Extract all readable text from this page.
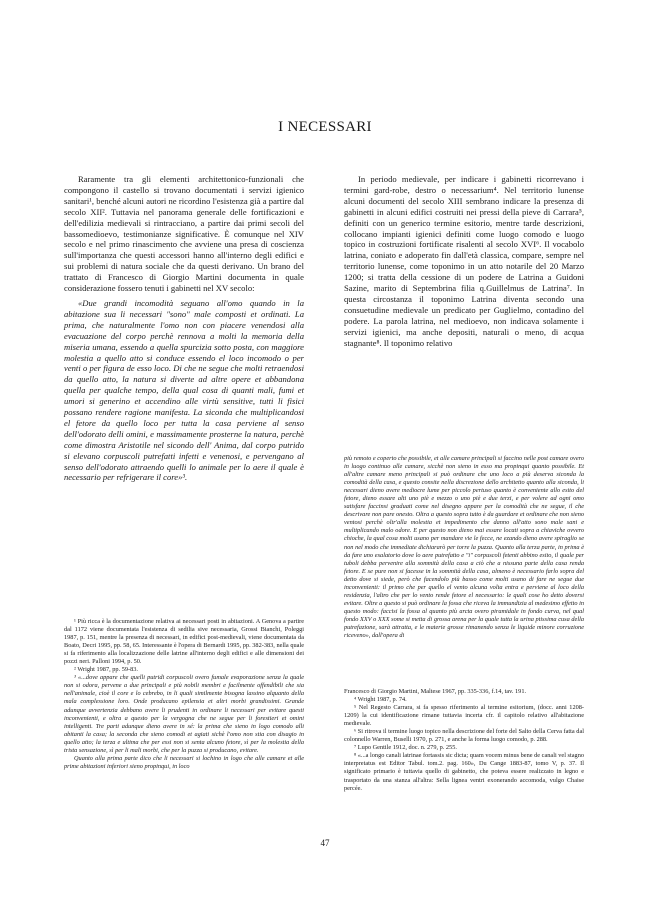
I NECESSARI

Raramente tra gli elementi architettonico-funzionali che compongono il castello si trovano documentati i servizi igienico sanitari¹, benché alcuni autori ne ricordino l'esistenza già a partire dal secolo XII². Tuttavia nel panorama generale delle fortificazioni e dell'edilizia medievali si rintracciano, a partire dai primi secoli del bassomedioevo, testimonianze significative. È comunque nel XIV secolo e nel primo rinascimento che avviene una presa di coscienza sull'importanza che questi accessori hanno all'interno degli edifici e sui problemi di natura sociale che da questi derivano. Un brano del trattato di Francesco di Giorgio Martini documenta in quale considerazione fossero tenuti i gabinetti nel XV secolo:

«Due grandi incomodità seguano all'omo quando in la abitazione sua li necessari "sono" male composti et ordinati. La prima, che naturalmente l'omo non con piacere venendosi alla evacuazione del corpo perchè rennova a molti la memoria della miseria umana, essendo a quella spurcizia sotto posta, con maggiore molestia a quello atto si conduce essendo el loco incomodo o per venti o per figura de esso loco. Di che ne segue che molti retraendosi da quello atto, la natura si diverte ad altre opere et abbandona quella per qualche tempo, della qual cosa di quanti mali, fumi et umori si generino et accendino alle virtù sensitive, tutti li fisici possano rendere ragione manifesta. La siconda che multiplicandosi el fetore da quello loco per tutta la casa perviene al senso dell'odorato delli omini, e massimamente prosterne la natura, perchè come dimostra Aristotile nel sicondo dell' Anima, dal corpo putrido si elevano corpuscoli putrefatti infetti e venenosi, e pervengano al senso dell'odorato attraendo quelli lo animale per lo aere il quale è necessario per refrigerare il core»³.

In periodo medievale, per indicare i gabinetti ricorrevano i termini gard-robe, destro o necessarium⁴. Nel territorio lunense alcuni documenti del secolo XIII sembrano indicare la presenza di gabinetti in alcuni edifici costruiti nei pressi della pieve di Carrara⁵, definiti con un generico termine esitorio, mentre tarde descrizioni, collocano impianti igienici definiti come luogo comodo e luogo topico in costruzioni fortificate risalenti al secolo XVI⁶. Il vocabolo latrina, coniato e adoperato fin dall'età classica, compare, sempre nel territorio lunense, come toponimo in un atto notarile del 20 Marzo 1200; si tratta della cessione di un podere de Latrina a Guidoni Sazine, marito di Septembrina filia q.Guillelmus de Latrina⁷. In questa circostanza il toponimo Latrina diventa secondo una consuetudine medievale un predicato per Guglielmo, contadino del podere. La parola latrina, nel medioevo, non indicava solamente i servizi igienici, ma anche depositi, naturali o meno, di acqua stagnante⁸. Il toponimo relativo

più remoto e coperto che possibile, et alle camare principali si faccino nelle post camare overo in luogo continuo alle camare, sicchè non sieno in esso ma propinqui quanto possibile. Et all'altre camare meno principali si può ordinare che uno loco a più deserva siconda la comodità della casa, e questo consite nella discrezione dello architetto quanto alla siconda, li necessari dieno avere mediocre lume per piccolo pertuso quanto è conveniente allo esito del fetore, dieno essare alti uno piè e mezzo o uno piè e due terzi, e per volere ad ogni omo satisfare faccinsi graduati come nel disegno appare per la comodità che ne segue, il che descrivare non pare onesto. Oltra a questo sopra tutto è da guardare et ordinare che non sieno ventosi perchè oltr'alla molestia et impedimento che danno all'atto sono male sani e multiplicando malo odore. E per questo non dieno mai essare locati sopra a chiaviche ovvero chioche, la qual cosa molti usano per mandare vie le fecce, ne ezando dieno avere spiraglio se non nel modo che immediate dichiararò per torre la puzza. Quanto alla terza parte, in prima è da fare uno esalatorio dove lo aere putrefatto e "i" corpuscoli fetenti abbino esito, il quale per tuboli debba pervenire alla sommità della casa a ciò che a nissuna parte della casa renda fetore. E se pure non si facesse in la sommità della casa, almeno è necessario farlo sopra del detto dove si siede, però che facendolo più basso come molti usano di fare ne segue due inconvenienti: il primo che per quello el vento alcuna volta entra e perviene al loco della residenzia, l'altro che per lo vento rende fetore el necessario: le quali cose ho detto doversi evitare. Oltre a questo si può ordinare la fossa che riceva la immundizia al medesimo effetto in questo modo: faccisi la fossa al quanto più arcta overo piramidale in fondo curva, nel qual fondo XXV o XXX some si metta di grossa arena per la quale tutta la urina ptissima cusa della putrefazione, sarà attratta, e le materie grosse rimanendo senza le liquide minore corruzione riceveno», dall'opera di

¹ Più ricca è la documentazione relativa ai necessari posti in abitazioni. A Genova a partire dal 1172 viene documentata l'esistenza di sedilia sive necessaria, Grossi Bianchi, Poleggi 1987, p. 151, mentre la presenza di necessari, in edifici post-medievali, viene documentata da Boato, Decri 1995, pp. 58, 65. Interessante è l'opera di Bernardi 1995, pp. 382-383, nella quale si fa riferimento alla localizzazione delle latrine all'interno degli edifici e alle dimensioni dei pozzi neri. Palloni 1994, p. 50.

² Wright 1987, pp. 59-83.

³ «...dove appare che quelli putridi corpuscoli overo fumale evaporazione senza la quale non si odora, pervene a due principali e più nobili membri e facilmente offendibili che sia nell'animale, cioè il core e lo cebrebo, in li quali similmente bisogna lassino alquanto della mala complessione loro. Onde producano epilensia et altri morbi grandissimi. Grande adunque avvertenzia debbano avere li prudenti in ordinare li necessari per evitare questi inconvenienti, e oltra a questo per la vergogna che ne segue per li forestieri et omini intelligenti. Tre parti adunque dieno avere in sé: la prima che sieno in logo comodo alli abitanti la casa; la seconda che sieno comodi et agiati sichè l'omo non stia con disagio in quello atto; la terza e ultima che per essi non si senta alcuno fetore, sì per la molestia della trista sensazione, sì per li mali morbi, che per la puzza si producano, evitare.

Quanto alla prima parte dico che li necessari si lochino in logo che alle camare et alle prime abitazioni inferiori sieno propinqui, in loco

Francesco di Giorgio Martini, Maltese 1967, pp. 335-336, f.14, tav. 191.

⁴ Wright 1987, p. 74.

⁵ Nel Regesto Carrara, si fa spesso riferimento al termine esitorium, (docc. anni 1208-1209) la cui identificazione rimane tuttavia incerta cfr. il capitolo relativo all'abitazione medievale.

⁶ Si ritrova il termine luogo topico nella descrizione del forte del Salto della Cerva fatta dal colonnello Warren, Buselli 1970, p. 271, e anche la forma luogo comodo, p. 288.

⁷ Lupo Gentile 1912, doc. n. 279, p. 255.

⁸ «...a longo canali latrinae fortassis sic dicta; quam vocem minus bene de canali vel stagno interpretatus est Editor Tabul. tom.2. pag. 160», Du Cange 1883-87, tomo V, p. 37. Il significato primario è tuttavia quello di gabinetto, che poteva essere realizzato in legno e trasportato da una stanza all'altra: Sella lignea ventri exonerando accomoda, vulgo Chaise percée.

47
